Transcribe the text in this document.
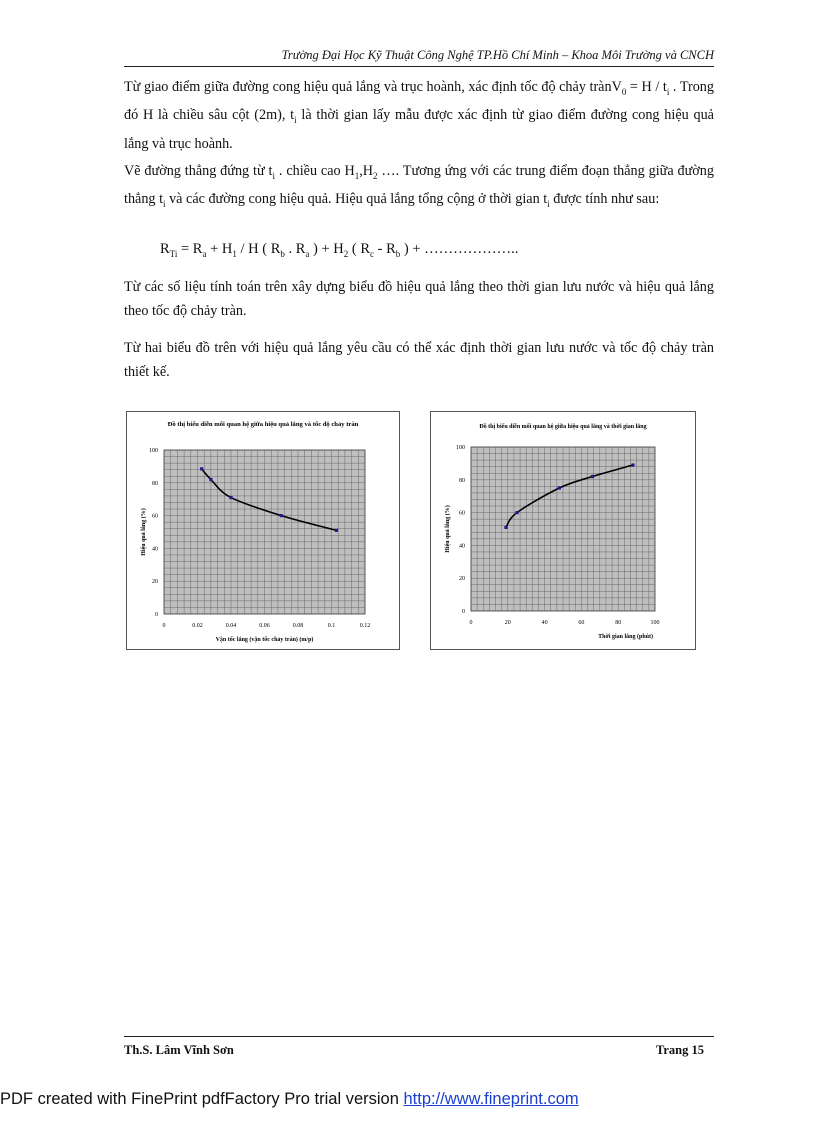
Trường Đại Học Kỹ Thuật Công Nghệ TP.Hồ Chí Minh – Khoa Môi Trường và CNCH
Từ giao điểm giữa đường cong hiệu quả lắng và trục hoành, xác định tốc độ chảy trànV$_0$ = H / $t_i$ . Trong đó H là chiều sâu cột (2m), $t_i$ là thời gian lấy mẫu được xác định từ giao điểm đường cong hiệu quả lắng và trục hoành.
Vẽ đường thẳng đứng từ $t_i$ . chiều cao $H_1,H_2$ …. Tương ứng với các trung điểm đoạn thẳng giữa đường thẳng $t_i$ và các đường cong hiệu quả. Hiệu quả lắng tổng cộng ở thời gian $t_i$ được tính như sau:
$R_{Ti} = R_a + H_1 / H$ ( $R_b$ . $R_a$ ) + $H_2$ ( $R_c - R_b$ ) + ………………..
Từ các số liệu tính toán trên xây dựng biểu đồ hiệu quả lắng theo thời gian lưu nước và hiệu quả lắng theo tốc độ chảy tràn.
Từ hai biểu đồ trên với hiệu quả lắng yêu cầu có thể xác định thời gian lưu nước và tốc độ chảy tràn thiết kế.
Đồ thị biểu diễn mối quan hệ giữa hiệu quả lắng và tốc độ chảy tràn
0	0.02	0.04	0.06	0.08	0.1	0.12
0
20
40
60
80
100
Vận tốc lắng (vận tốc chảy tràn) (m/p)
Hiệu quả lắng (%)
Đồ thị biểu diễn mối quan hệ giữa hiệu quả lắng và thời gian lắng
0	20	40	60	80	100
0
20
40
60
80
100
Thời gian lắng (phút)
Hiệu quả lắng (%)
Th.S. Lâm Vĩnh Sơn	Trang 15
PDF created with FinePrint pdfFactory Pro trial version http://www.fineprint.com
